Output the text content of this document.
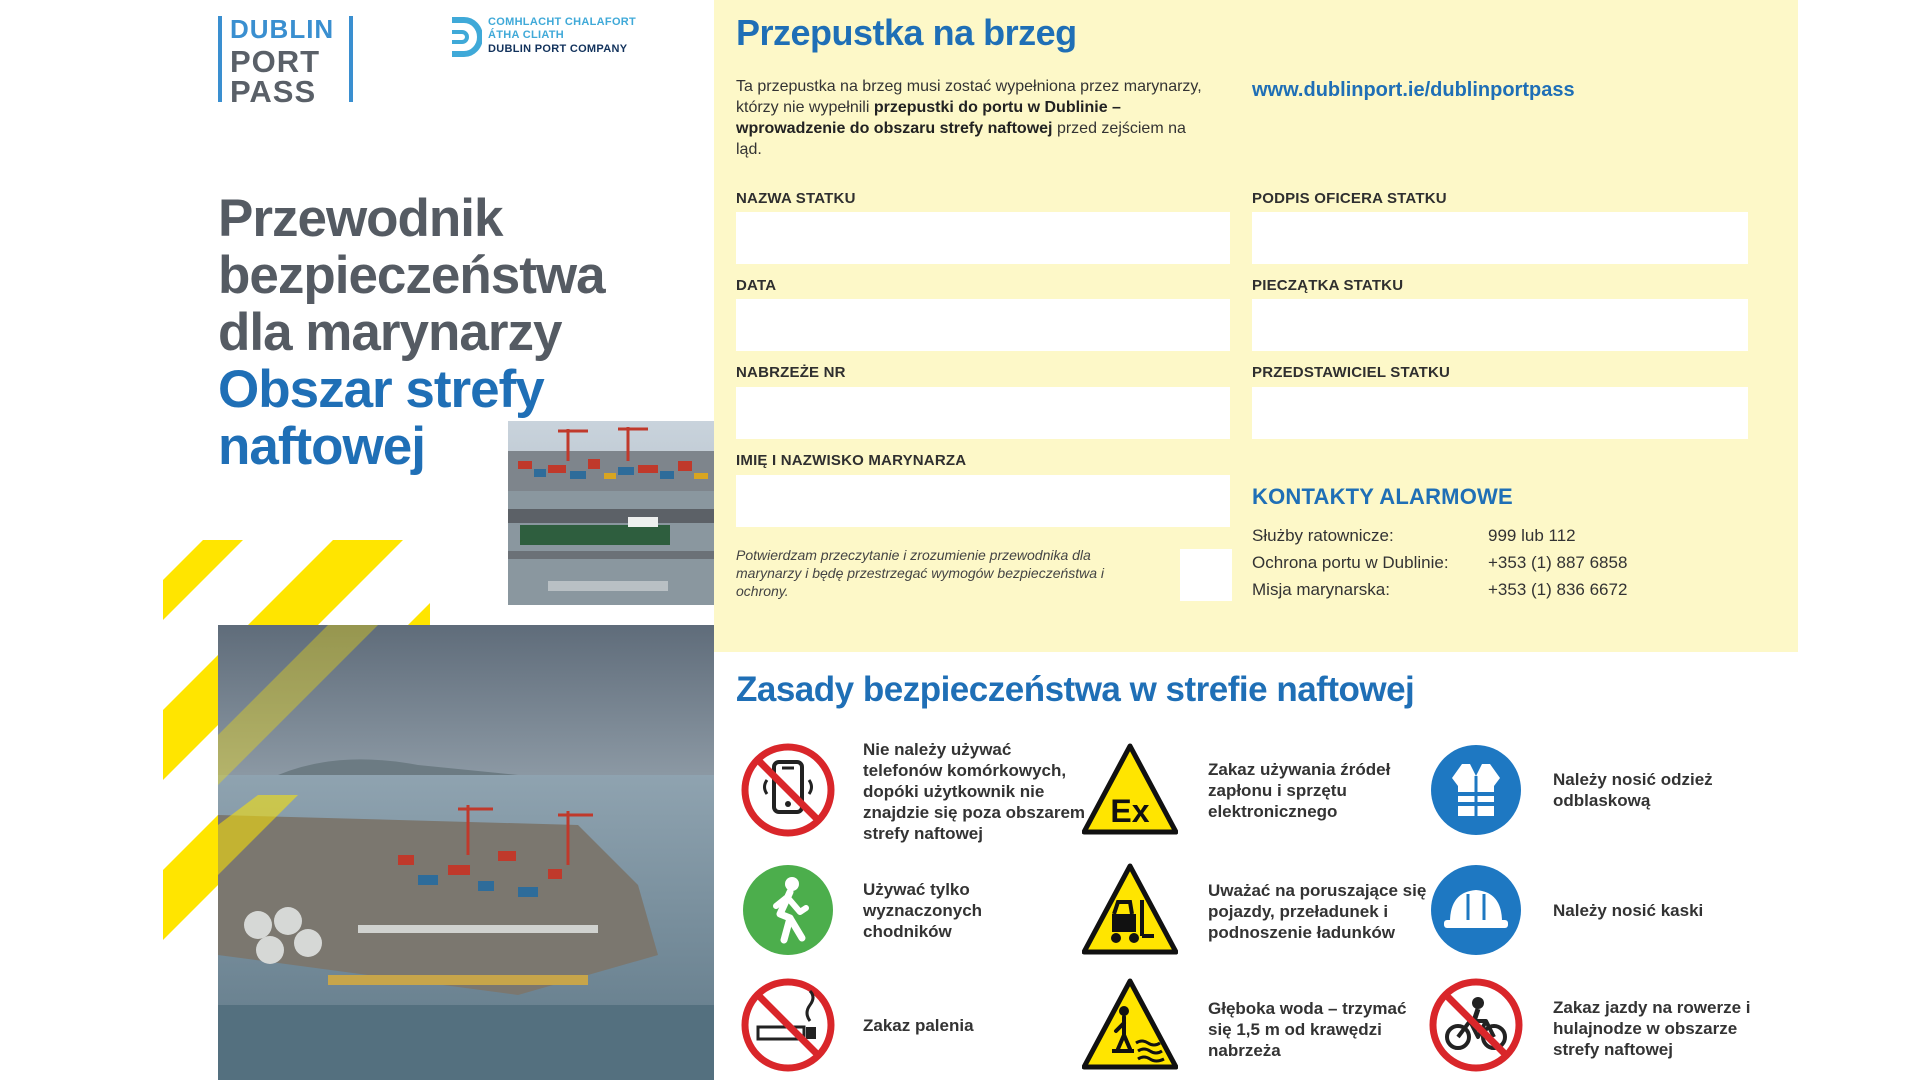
DUBLIN
PORT
PASS
COMHLACHT CHALAFORT
ÁTHA CLIATH
DUBLIN PORT COMPANY
Przewodnik
bezpieczeństwa
dla marynarzy
Obszar strefy
naftowej
Przepustka na brzeg
Ta przepustka na brzeg musi zostać wypełniona przez marynarzy, którzy nie wypełnili przepustki do portu w Dublinie – wprowadzenie do obszaru strefy naftowej przed zejściem na ląd.
www.dublinport.ie/dublinportpass
NAZWA STATKU	PODPIS OFICERA STATKU
DATA	PIECZĄTKA STATKU
NABRZEŻE NR	PRZEDSTAWICIEL STATKU
IMIĘ I NAZWISKO MARYNARZA
Potwierdzam przeczytanie i zrozumienie przewodnika dla marynarzy i będę przestrzegać wymogów bezpieczeństwa i ochrony.
KONTAKTY ALARMOWE
Służby ratownicze:	999 lub 112
Ochrona portu w Dublinie: +353 (1) 887 6858
Misja marynarska:	+353 (1) 836 6672
Zasady bezpieczeństwa w strefie naftowej
Nie należy używać telefonów komórkowych, dopóki użytkownik nie znajdzie się poza obszarem strefy naftowej
Ex
Zakaz używania źródeł zapłonu i sprzętu elektronicznego
Należy nosić odzież odblaskową
Używać tylko wyznaczonych chodników
Uważać na poruszające się pojazdy, przeładunek i podnoszenie ładunków
Należy nosić kaski
Zakaz palenia
Głęboka woda – trzymać się 1,5 m od krawędzi nabrzeża
Zakaz jazdy na rowerze i hulajnodze w obszarze strefy naftowej
